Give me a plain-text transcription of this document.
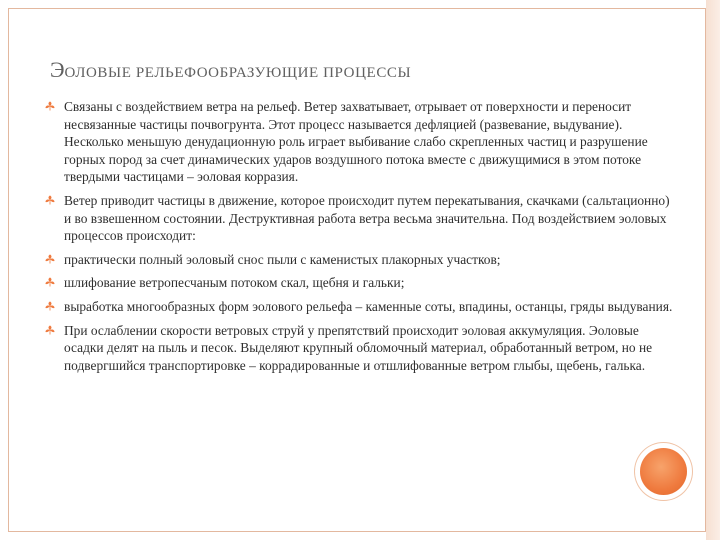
ЭОЛОВЫЕ РЕЛЬЕФООБРАЗУЮЩИЕ ПРОЦЕССЫ
Связаны с воздействием ветра на рельеф. Ветер захватывает, отрывает от поверхности и переносит несвязанные частицы почвогрунта. Этот процесс называется дефляцией (развевание, выдувание). Несколько меньшую денудационную роль играет выбивание слабо скрепленных частиц и разрушение горных пород за счет динамических ударов воздушного потока вместе с движущимися в этом потоке твердыми частицами – эоловая корразия.
Ветер приводит частицы в движение, которое происходит путем перекатывания, скачками (сальтационно) и во взвешенном состоянии. Деструктивная работа ветра весьма значительна. Под воздействием эоловых процессов происходит:
практически полный эоловый снос пыли с каменистых плакорных участков;
шлифование ветропесчаным потоком скал, щебня и гальки;
выработка многообразных форм эолового рельефа – каменные соты, впадины, останцы, гряды выдувания.
При ослаблении скорости ветровых струй у препятствий происходит эоловая аккумуляция. Эоловые осадки делят на пыль и песок. Выделяют крупный обломочный материал, обработанный ветром, но не подвергшийся транспортировке – коррадированные и отшлифованные ветром глыбы, щебень, галька.
